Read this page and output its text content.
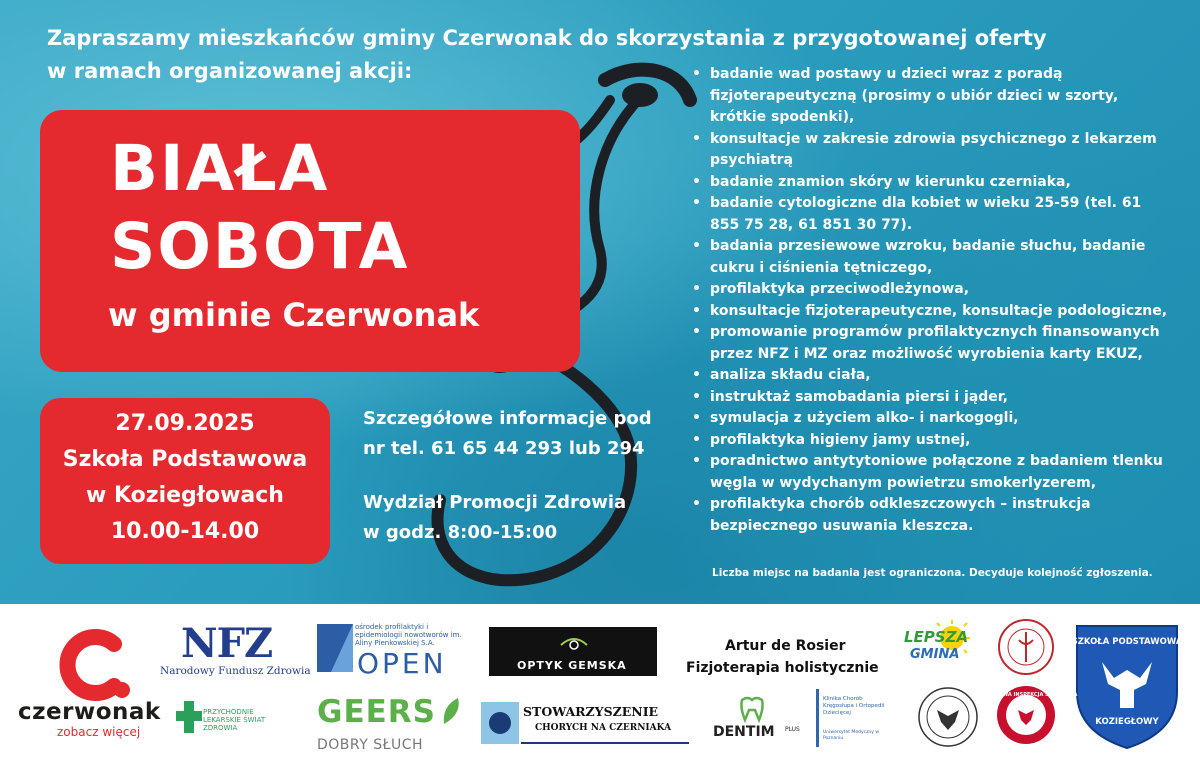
Zapraszamy mieszkańców gminy Czerwonak do skorzystania z przygotowanej oferty
w ramach organizowanej akcji:
BIAŁA
SOBOTA
w gminie Czerwonak
27.09.2025
Szkoła Podstawowa
w Koziegłowach
10.00-14.00
Szczegółowe informacje pod
nr tel. 61 65 44 293 lub 294
Wydział Promocji Zdrowia
w godz. 8:00-15:00
• badanie wad postawy u dzieci wraz z poradą fizjoterapeutyczną (prosimy o ubiór dzieci w szorty, krótkie spodenki),
• konsultacje w zakresie zdrowia psychicznego z lekarzem psychiatrą
• badanie znamion skóry w kierunku czerniaka,
• badanie cytologiczne dla kobiet w wieku 25-59 (tel. 61 855 75 28, 61 851 30 77).
• badania przesiewowe wzroku, badanie słuchu, badanie cukru i ciśnienia tętniczego,
• profilaktyka przeciwodleżynowa,
• konsultacje fizjoterapeutyczne, konsultacje podologiczne,
• promowanie programów profilaktycznych finansowanych przez NFZ i MZ oraz możliwość wyrobienia karty EKUZ,
• analiza składu ciała,
• instruktaż samobadania piersi i jąder,
• symulacja z użyciem alko- i narkogogli,
• profilaktyka higieny jamy ustnej,
• poradnictwo antytytoniowe połączone z badaniem tlenku węgla w wydychanym powietrzu smokerlyzerem,
• profilaktyka chorób odkleszczowych – instrukcja bezpiecznego usuwania kleszcza.
Liczba miejsc na badania jest ograniczona. Decyduje kolejność zgłoszenia.
czerwonak
zobacz więcej
NFZ
Narodowy Fundusz Zdrowia
ośrodek profilaktyki i epidemiologii nowotworów im. Aliny Pienkowskiej S.A.
OPEN	OPTYK GEMSKA
Artur de Rosier
Fizjoterapia holistycznie
LEPSZA
GMINA
SZKOŁA PODSTAWOWA
KOZIEGŁOWY
PRZYCHODNIE LEKARSKIE ŚWIAT ZDROWIA	GEERS
DOBRY SŁUCH
STOWARZYSZENIE
CHORYCH NA CZERNIAKA	DENTIM PLUS
Klinika Chorób Kręgosłupa i Ortopedii Dziecięcej
Uniwersytet Medyczny w Poznaniu
PAŃSTWOWA INSPEKCJA SANITARNA
